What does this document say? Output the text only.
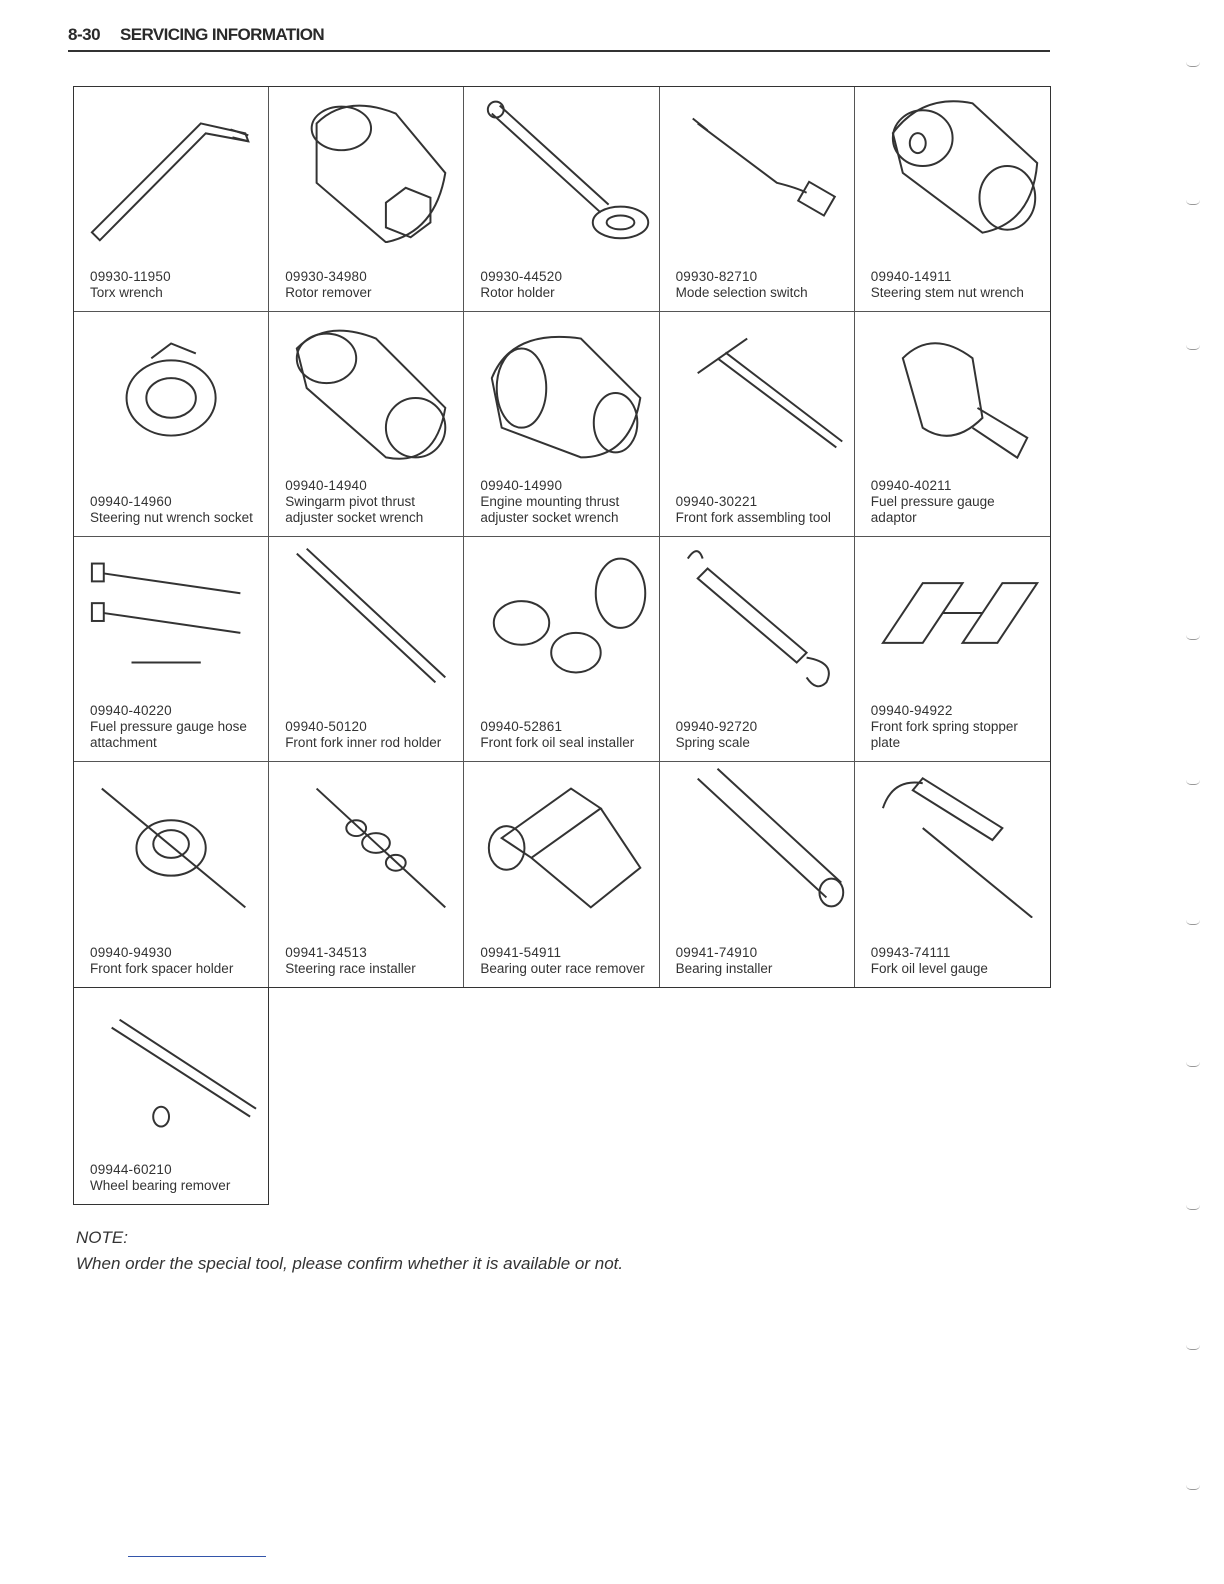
8-30 SERVICING INFORMATION
09930-11950
Torx wrench
09930-34980
Rotor remover
09930-44520
Rotor holder
09930-82710
Mode selection switch
09940-14911
Steering stem nut wrench
09940-14960
Steering nut wrench socket
09940-14940
Swingarm pivot thrust adjuster socket wrench
09940-14990
Engine mounting thrust adjuster socket wrench
09940-30221
Front fork assembling tool
09940-40211
Fuel pressure gauge adaptor
09940-40220
Fuel pressure gauge hose attachment
09940-50120
Front fork inner rod holder
09940-52861
Front fork oil seal installer
09940-92720
Spring scale
09940-94922
Front fork spring stopper plate
09940-94930
Front fork spacer holder
09941-34513
Steering race installer
09941-54911
Bearing outer race remover
09941-74910
Bearing installer
09943-74111
Fork oil level gauge
09944-60210
Wheel bearing remover
NOTE:
When order the special tool, please confirm whether it is available or not.
